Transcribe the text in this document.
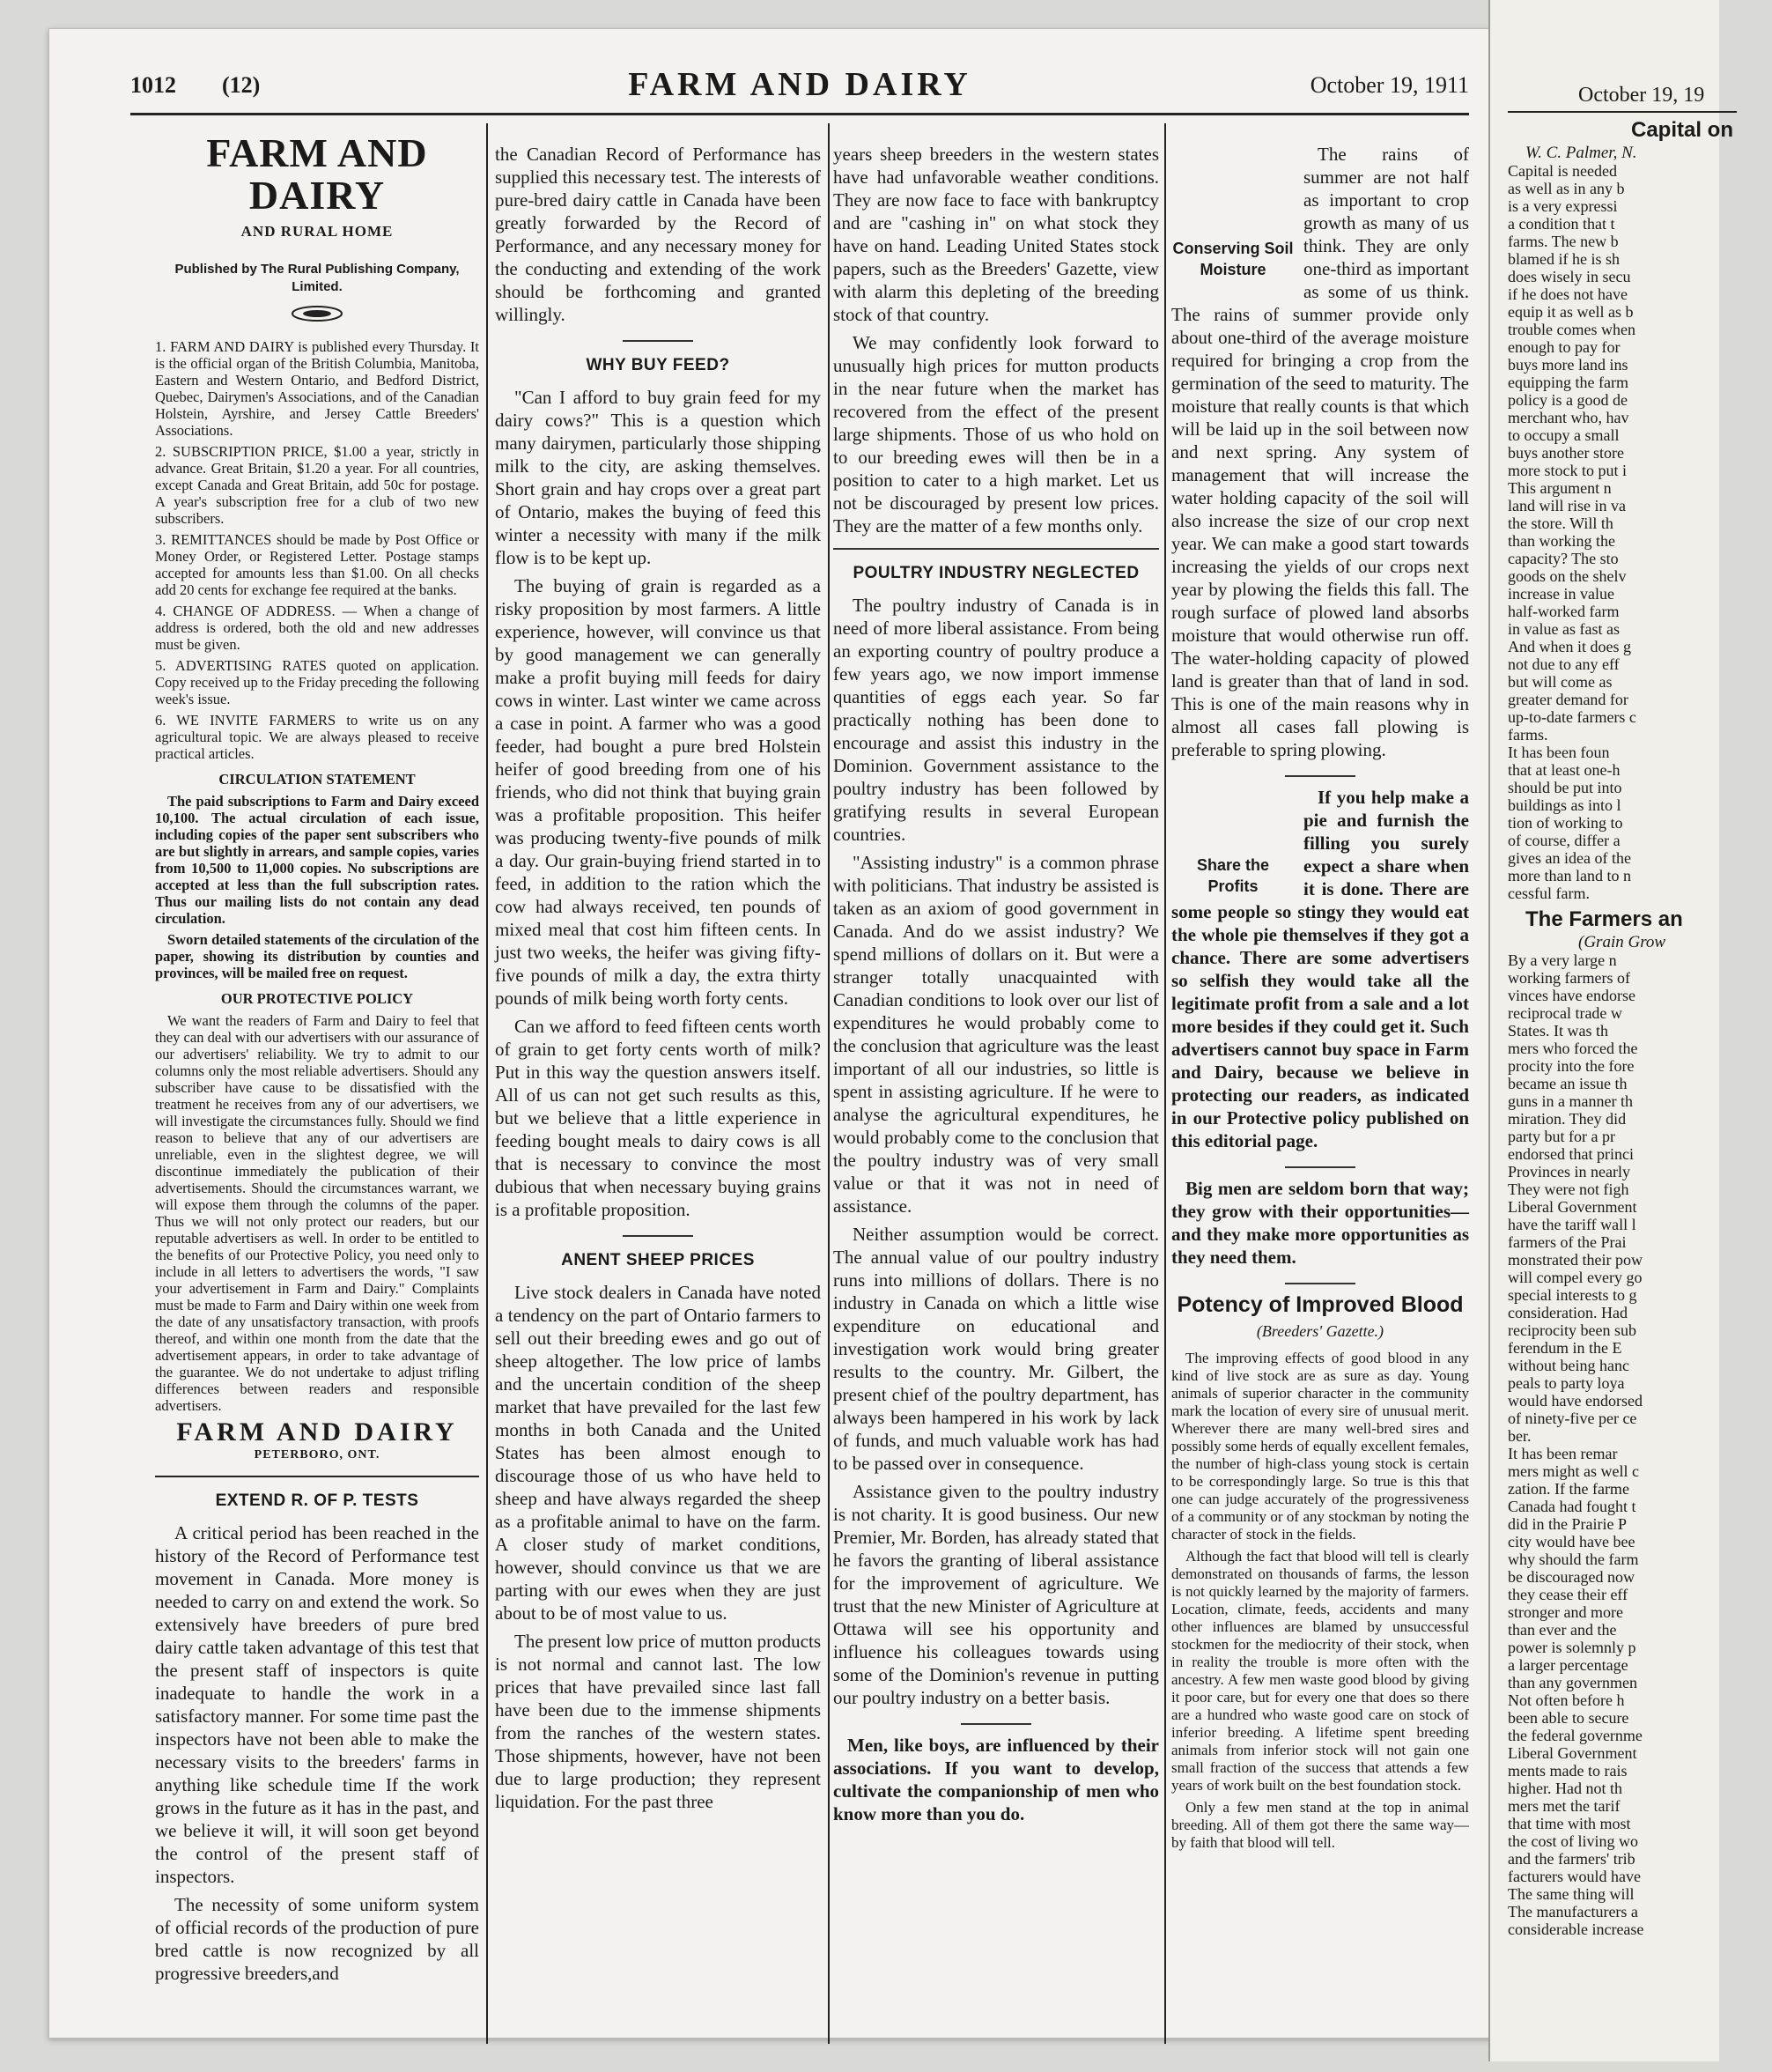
1012 (12)	FARM AND DAIRY	October 19, 1911
FARM AND DAIRY
AND RURAL HOME
Published by The Rural Publishing Company, Limited.

1. FARM AND DAIRY is published every Thursday. It is the official organ of the British Columbia, Manitoba, Eastern and Western Ontario, and Bedford District, Quebec, Dairymen's Associations, and of the Canadian Holstein, Ayrshire, and Jersey Cattle Breeders' Associations.

2. SUBSCRIPTION PRICE, $1.00 a year, strictly in advance. Great Britain, $1.20 a year. For all countries, except Canada and Great Britain, add 50c for postage. A year's subscription free for a club of two new subscribers.

3. REMITTANCES should be made by Post Office or Money Order, or Registered Letter. Postage stamps accepted for amounts less than $1.00. On all checks add 20 cents for exchange fee required at the banks.

4. CHANGE OF ADDRESS. — When a change of address is ordered, both the old and new addresses must be given.

5. ADVERTISING RATES quoted on application. Copy received up to the Friday preceding the following week's issue.

6. WE INVITE FARMERS to write us on any agricultural topic. We are always pleased to receive practical articles.

CIRCULATION STATEMENT

The paid subscriptions to Farm and Dairy exceed 10,100. The actual circulation of each issue, including copies of the paper sent subscribers who are but slightly in arrears, and sample copies, varies from 10,500 to 11,000 copies. No subscriptions are accepted at less than the full subscription rates. Thus our mailing lists do not contain any dead circulation.

Sworn detailed statements of the circulation of the paper, showing its distribution by counties and provinces, will be mailed free on request.

OUR PROTECTIVE POLICY

We want the readers of Farm and Dairy to feel that they can deal with our advertisers with our assurance of our advertisers' reliability. We try to admit to our columns only the most reliable advertisers. Should any subscriber have cause to be dissatisfied with the treatment he receives from any of our advertisers, we will investigate the circumstances fully. Should we find reason to believe that any of our advertisers are unreliable, even in the slightest degree, we will discontinue immediately the publication of their advertisements. Should the circumstances warrant, we will expose them through the columns of the paper. Thus we will not only protect our readers, but our reputable advertisers as well. In order to be entitled to the benefits of our Protective Policy, you need only to include in all letters to advertisers the words, "I saw your advertisement in Farm and Dairy." Complaints must be made to Farm and Dairy within one week from the date of any unsatisfactory transaction, with proofs thereof, and within one month from the date that the advertisement appears, in order to take advantage of the guarantee. We do not undertake to adjust trifling differences between readers and responsible advertisers.

FARM AND DAIRY
PETERBORO, ONT.
EXTEND R. OF P. TESTS

A critical period has been reached in the history of the Record of Performance test movement in Canada. More money is needed to carry on and extend the work. So extensively have breeders of pure bred dairy cattle taken advantage of this test that the present staff of inspectors is quite inadequate to handle the work in a satisfactory manner. For some time past the inspectors have not been able to make the necessary visits to the breeders' farms in anything like schedule time If the work grows in the future as it has in the past, and we believe it will, it will soon get beyond the control of the present staff of inspectors.

The necessity of some uniform system of official records of the production of pure bred cattle is now recognized by all progressive breeders,and

the Canadian Record of Performance has supplied this necessary test. The interests of pure-bred dairy cattle in Canada have been greatly forwarded by the Record of Performance, and any necessary money for the conducting and extending of the work should be forthcoming and granted willingly.

WHY BUY FEED?

"Can I afford to buy grain feed for my dairy cows?" This is a question which many dairymen, particularly those shipping milk to the city, are asking themselves. Short grain and hay crops over a great part of Ontario, makes the buying of feed this winter a necessity with many if the milk flow is to be kept up.

The buying of grain is regarded as a risky proposition by most farmers. A little experience, however, will convince us that by good management we can generally make a profit buying mill feeds for dairy cows in winter. Last winter we came across a case in point. A farmer who was a good feeder, had bought a pure bred Holstein heifer of good breeding from one of his friends, who did not think that buying grain was a profitable proposition. This heifer was producing twenty-five pounds of milk a day. Our grain-buying friend started in to feed, in addition to the ration which the cow had always received, ten pounds of mixed meal that cost him fifteen cents. In just two weeks, the heifer was giving fifty-five pounds of milk a day, the extra thirty pounds of milk being worth forty cents.

Can we afford to feed fifteen cents worth of grain to get forty cents worth of milk? Put in this way the question answers itself. All of us can not get such results as this, but we believe that a little experience in feeding bought meals to dairy cows is all that is necessary to convince the most dubious that when necessary buying grains is a profitable proposition.

ANENT SHEEP PRICES

Live stock dealers in Canada have noted a tendency on the part of Ontario farmers to sell out their breeding ewes and go out of sheep altogether. The low price of lambs and the uncertain condition of the sheep market that have prevailed for the last few months in both Canada and the United States has been almost enough to discourage those of us who have held to sheep and have always regarded the sheep as a profitable animal to have on the farm. A closer study of market conditions, however, should convince us that we are parting with our ewes when they are just about to be of most value to us.

The present low price of mutton products is not normal and cannot last. The low prices that have prevailed since last fall have been due to the immense shipments from the ranches of the western states. Those shipments, however, have not been due to large production; they represent liquidation. For the past three

years sheep breeders in the western states have had unfavorable weather conditions. They are now face to face with bankruptcy and are "cashing in" on what stock they have on hand. Leading United States stock papers, such as the Breeders' Gazette, view with alarm this depleting of the breeding stock of that country.

We may confidently look forward to unusually high prices for mutton products in the near future when the market has recovered from the effect of the present large shipments. Those of us who hold on to our breeding ewes will then be in a position to cater to a high market. Let us not be discouraged by present low prices. They are the matter of a few months only.

POULTRY INDUSTRY NEGLECTED

The poultry industry of Canada is in need of more liberal assistance. From being an exporting country of poultry produce a few years ago, we now import immense quantities of eggs each year. So far practically nothing has been done to encourage and assist this industry in the Dominion. Government assistance to the poultry industry has been followed by gratifying results in several European countries.

"Assisting industry" is a common phrase with politicians. That industry be assisted is taken as an axiom of good government in Canada. And do we assist industry? We spend millions of dollars on it. But were a stranger totally unacquainted with Canadian conditions to look over our list of expenditures he would probably come to the conclusion that agriculture was the least important of all our industries, so little is spent in assisting agriculture. If he were to analyse the agricultural expenditures, he would probably come to the conclusion that the poultry industry was of very small value or that it was not in need of assistance.

Neither assumption would be correct. The annual value of our poultry industry runs into millions of dollars. There is no industry in Canada on which a little wise expenditure on educational and investigation work would bring greater results to the country. Mr. Gilbert, the present chief of the poultry department, has always been hampered in his work by lack of funds, and much valuable work has had to be passed over in consequence.

Assistance given to the poultry industry is not charity. It is good business. Our new Premier, Mr. Borden, has already stated that he favors the granting of liberal assistance for the improvement of agriculture. We trust that the new Minister of Agriculture at Ottawa will see his opportunity and influence his colleagues towards using some of the Dominion's revenue in putting our poultry industry on a better basis.

Men, like boys, are influenced by their associations. If you want to develop, cultivate the companionship of men who know more than you do.

Conserving Soil Moisture

The rains of summer are not half as important to crop growth as many of us think. They are only one-third as important as some of us think. The rains of summer provide only about one-third of the average moisture required for bringing a crop from the germination of the seed to maturity. The moisture that really counts is that which will be laid up in the soil between now and next spring. Any system of management that will increase the water holding capacity of the soil will also increase the size of our crop next year. We can make a good start towards increasing the yields of our crops next year by plowing the fields this fall. The rough surface of plowed land absorbs moisture that would otherwise run off. The water-holding capacity of plowed land is greater than that of land in sod. This is one of the main reasons why in almost all cases fall plowing is preferable to spring plowing.

Share the Profits

If you help make a pie and furnish the filling you surely expect a share when it is done. There are some people so stingy they would eat the whole pie themselves if they got a chance. There are some advertisers so selfish they would take all the legitimate profit from a sale and a lot more besides if they could get it. Such advertisers cannot buy space in Farm and Dairy, because we believe in protecting our readers, as indicated in our Protective policy published on this editorial page.

Big men are seldom born that way; they grow with their opportunities—and they make more opportunities as they need them.

Potency of Improved Blood
(Breeders' Gazette.)

The improving effects of good blood in any kind of live stock are as sure as day. Young animals of superior character in the community mark the location of every sire of unusual merit. Wherever there are many well-bred sires and possibly some herds of equally excellent females, the number of high-class young stock is certain to be correspondingly large. So true is this that one can judge accurately of the progressiveness of a community or of any stockman by noting the character of stock in the fields.

Although the fact that blood will tell is clearly demonstrated on thousands of farms, the lesson is not quickly learned by the majority of farmers. Location, climate, feeds, accidents and many other influences are blamed by unsuccessful stockmen for the mediocrity of their stock, when in reality the trouble is more often with the ancestry. A few men waste good blood by giving it poor care, but for every one that does so there are a hundred who waste good care on stock of inferior breeding. A lifetime spent breeding animals from inferior stock will not gain one small fraction of the success that attends a few years of work built on the best foundation stock.

Only a few men stand at the top in animal breeding. All of them got there the same way—by faith that blood will tell.

October 19, 19

Capital on

W. C. Palmer, N.

Capital is needed

as well as in any b

is a very expressi

a condition that t

farms. The new b

blamed if he is sh

does wisely in secu

if he does not have

equip it as well as b

trouble comes when

enough to pay for

buys more land ins

equipping the farm

policy is a good de

merchant who, hav

to occupy a small

buys another store

more stock to put i

This argument n

land will rise in va

the store. Will th

than working the

capacity? The sto

goods on the shelv

increase in value

half-worked farm

in value as fast as

And when it does g

not due to any eff

but will come as

greater demand for

up-to-date farmers c

farms.

It has been foun

that at least one-h

should be put into

buildings as into l

tion of working to

of course, differ a

gives an idea of the

more than land to n

cessful farm.

The Farmers an

(Grain Grow

By a very large n

working farmers of

vinces have endorse

reciprocal trade w

States. It was th

mers who forced the

procity into the fore

became an issue th

guns in a manner th

miration. They did

party but for a pr

endorsed that princi

Provinces in nearly

They were not figh

Liberal Government

have the tariff wall l

farmers of the Prai

monstrated their pow

will compel every go

special interests to g

consideration. Had

reciprocity been sub

ferendum in the E

without being hanc

peals to party loya

would have endorsed

of ninety-five per ce

ber.

It has been remar

mers might as well c

zation. If the farme

Canada had fought t

did in the Prairie P

city would have bee

why should the farm

be discouraged now

they cease their eff

stronger and more

than ever and the

power is solemnly p

a larger percentage

than any governmen

Not often before h

been able to secure

the federal governme

Liberal Government

ments made to rais

higher. Had not th

mers met the tarif

that time with most

the cost of living wo

and the farmers' trib

facturers would have

The same thing will

The manufacturers a

considerable increase
